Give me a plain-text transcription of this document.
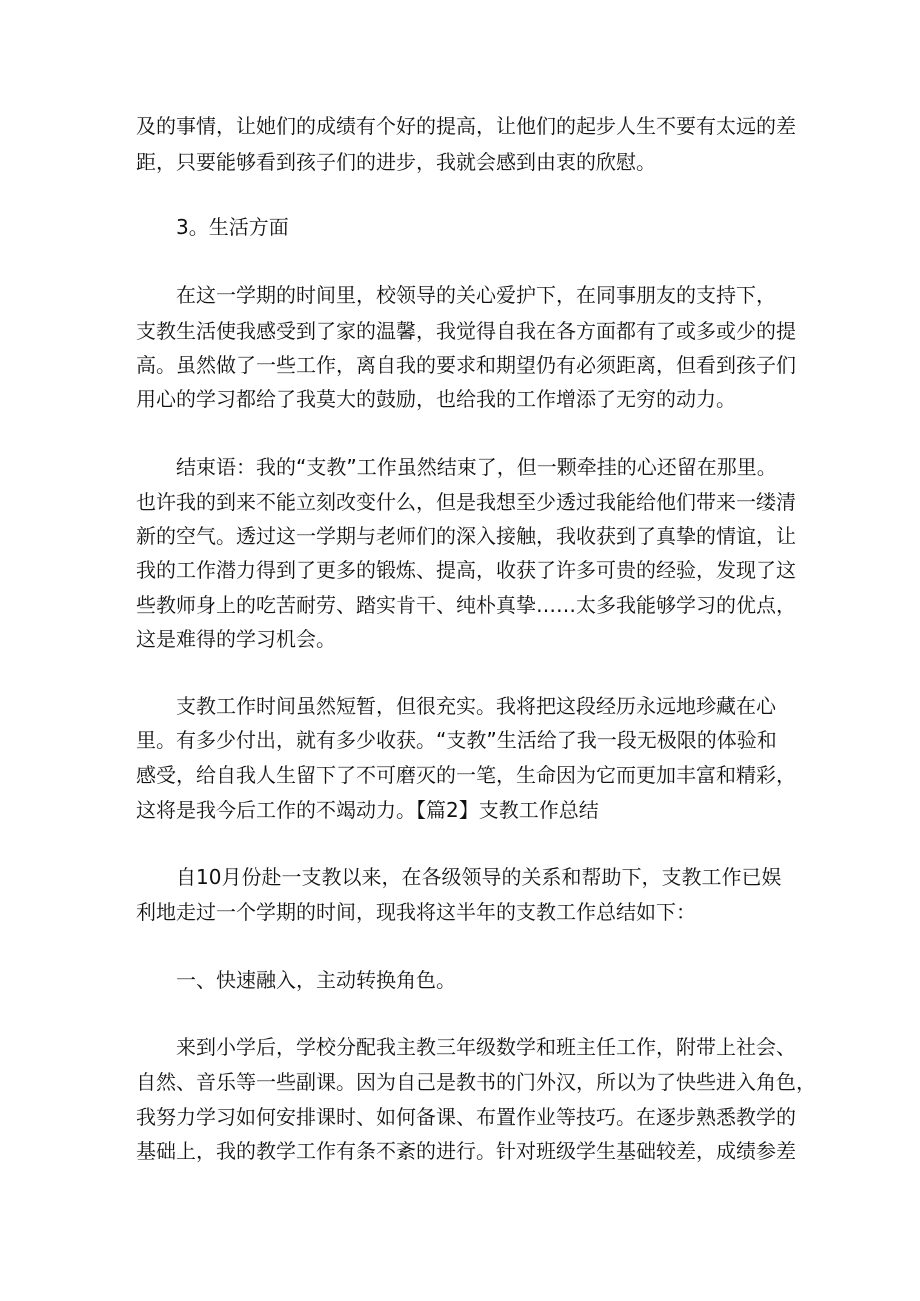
及的事情，让她们的成绩有个好的提高，让他们的起步人生不要有太远的差

距，只要能够看到孩子们的进步，我就会感到由衷的欣慰。

3。生活方面

在这一学期的时间里，校领导的关心爱护下，在同事朋友的支持下，

支教生活使我感受到了家的温馨，我觉得自我在各方面都有了或多或少的提

高。虽然做了一些工作，离自我的要求和期望仍有必须距离，但看到孩子们

用心的学习都给了我莫大的鼓励，也给我的工作增添了无穷的动力。

结束语：我的“支教”工作虽然结束了，但一颗牵挂的心还留在那里。

也许我的到来不能立刻改变什么，但是我想至少透过我能给他们带来一缕清

新的空气。透过这一学期与老师们的深入接触，我收获到了真挚的情谊，让

我的工作潜力得到了更多的锻炼、提高，收获了许多可贵的经验，发现了这

些教师身上的吃苦耐劳、踏实肯干、纯朴真挚……太多我能够学习的优点，

这是难得的学习机会。

支教工作时间虽然短暂，但很充实。我将把这段经历永远地珍藏在心

里。有多少付出，就有多少收获。“支教”生活给了我一段无极限的体验和

感受，给自我人生留下了不可磨灭的一笔，生命因为它而更加丰富和精彩，

这将是我今后工作的不竭动力。【篇2】支教工作总结

自10月份赴一支教以来，在各级领导的关系和帮助下，支教工作已娱

利地走过一个学期的时间，现我将这半年的支教工作总结如下：

一、快速融入，主动转换角色。

来到小学后，学校分配我主教三年级数学和班主任工作，附带上社会、

自然、音乐等一些副课。因为自己是教书的门外汉，所以为了快些进入角色，

我努力学习如何安排课时、如何备课、布置作业等技巧。在逐步熟悉教学的

基础上，我的教学工作有条不紊的进行。针对班级学生基础较差，成绩参差
